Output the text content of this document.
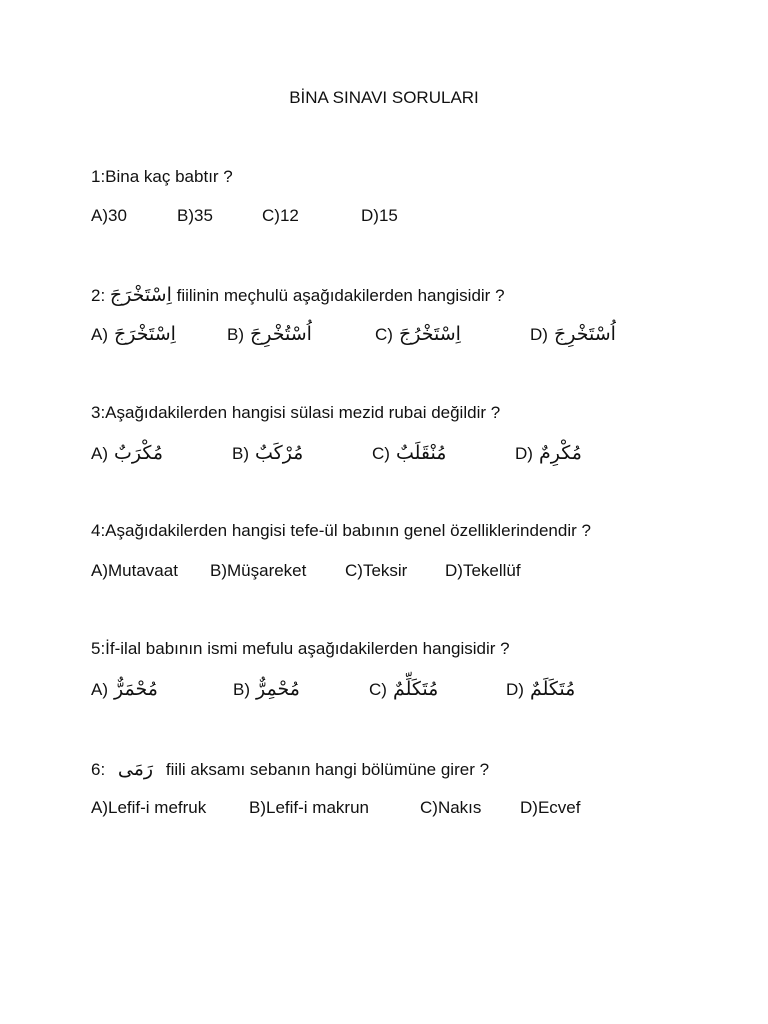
BİNA SINAVI SORULARI
1:Bina kaç babtır ?
A)30	B)35	C)12	D)15
2: اِسْتَخْرَجَ fiilinin meçhulü aşağıdakilerden hangisidir ?
A) اِسْتَخْرَجَ	B) اُسْتُخْرِجَ	C) اِسْتَخْرُجَ	D) اُسْتَخْرِجَ
3:Aşağıdakilerden hangisi sülasi mezid rubai değildir ?
A) مُكْرَبٌ	B) مُرْكَبٌ	C) مُنْقَلَبٌ	D) مُكْرِمٌ
4:Aşağıdakilerden hangisi tefe-ül babının genel özelliklerindendir ?
A)Mutavaat B)Müşareket C)Teksir D)Tekellüf
5:İf-ilal babının ismi mefulu aşağıdakilerden hangisidir ?
A) مُحْمَرٌّ	B) مُحْمِرٌّ	C) مُتَكَلِّمٌ	D) مُتَكَلَمٌ
6: رَمَى fiili aksamı sebanın hangi bölümüne girer ?
A)Lefif-i mefruk	B)Lefif-i makrun	C)Nakıs D)Ecvef
